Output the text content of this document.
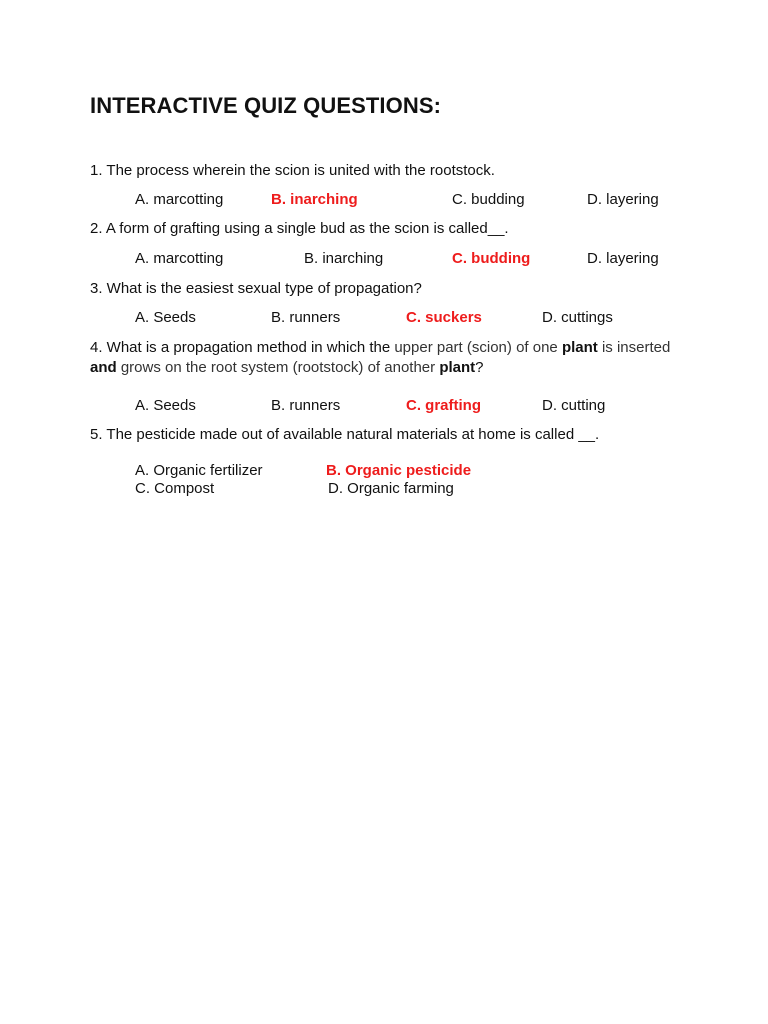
INTERACTIVE QUIZ QUESTIONS:

1. The process wherein the scion is united with the rootstock.

A. marcotting	B. inarching	C. budding	D. layering

2. A form of grafting using a single bud as the scion is called__.

A. marcotting	B. inarching	C. budding	D. layering

3. What is the easiest sexual type of propagation?

A. Seeds	B. runners	C. suckers	D. cuttings

4. What is a propagation method in which the upper part (scion) of one plant is inserted and grows on the root system (rootstock) of another plant?

A. Seeds	B. runners	C. grafting	D. cutting

5. The pesticide made out of available natural materials at home is called __.

A. Organic fertilizer	B. Organic pesticide
C. Compost	D. Organic farming
